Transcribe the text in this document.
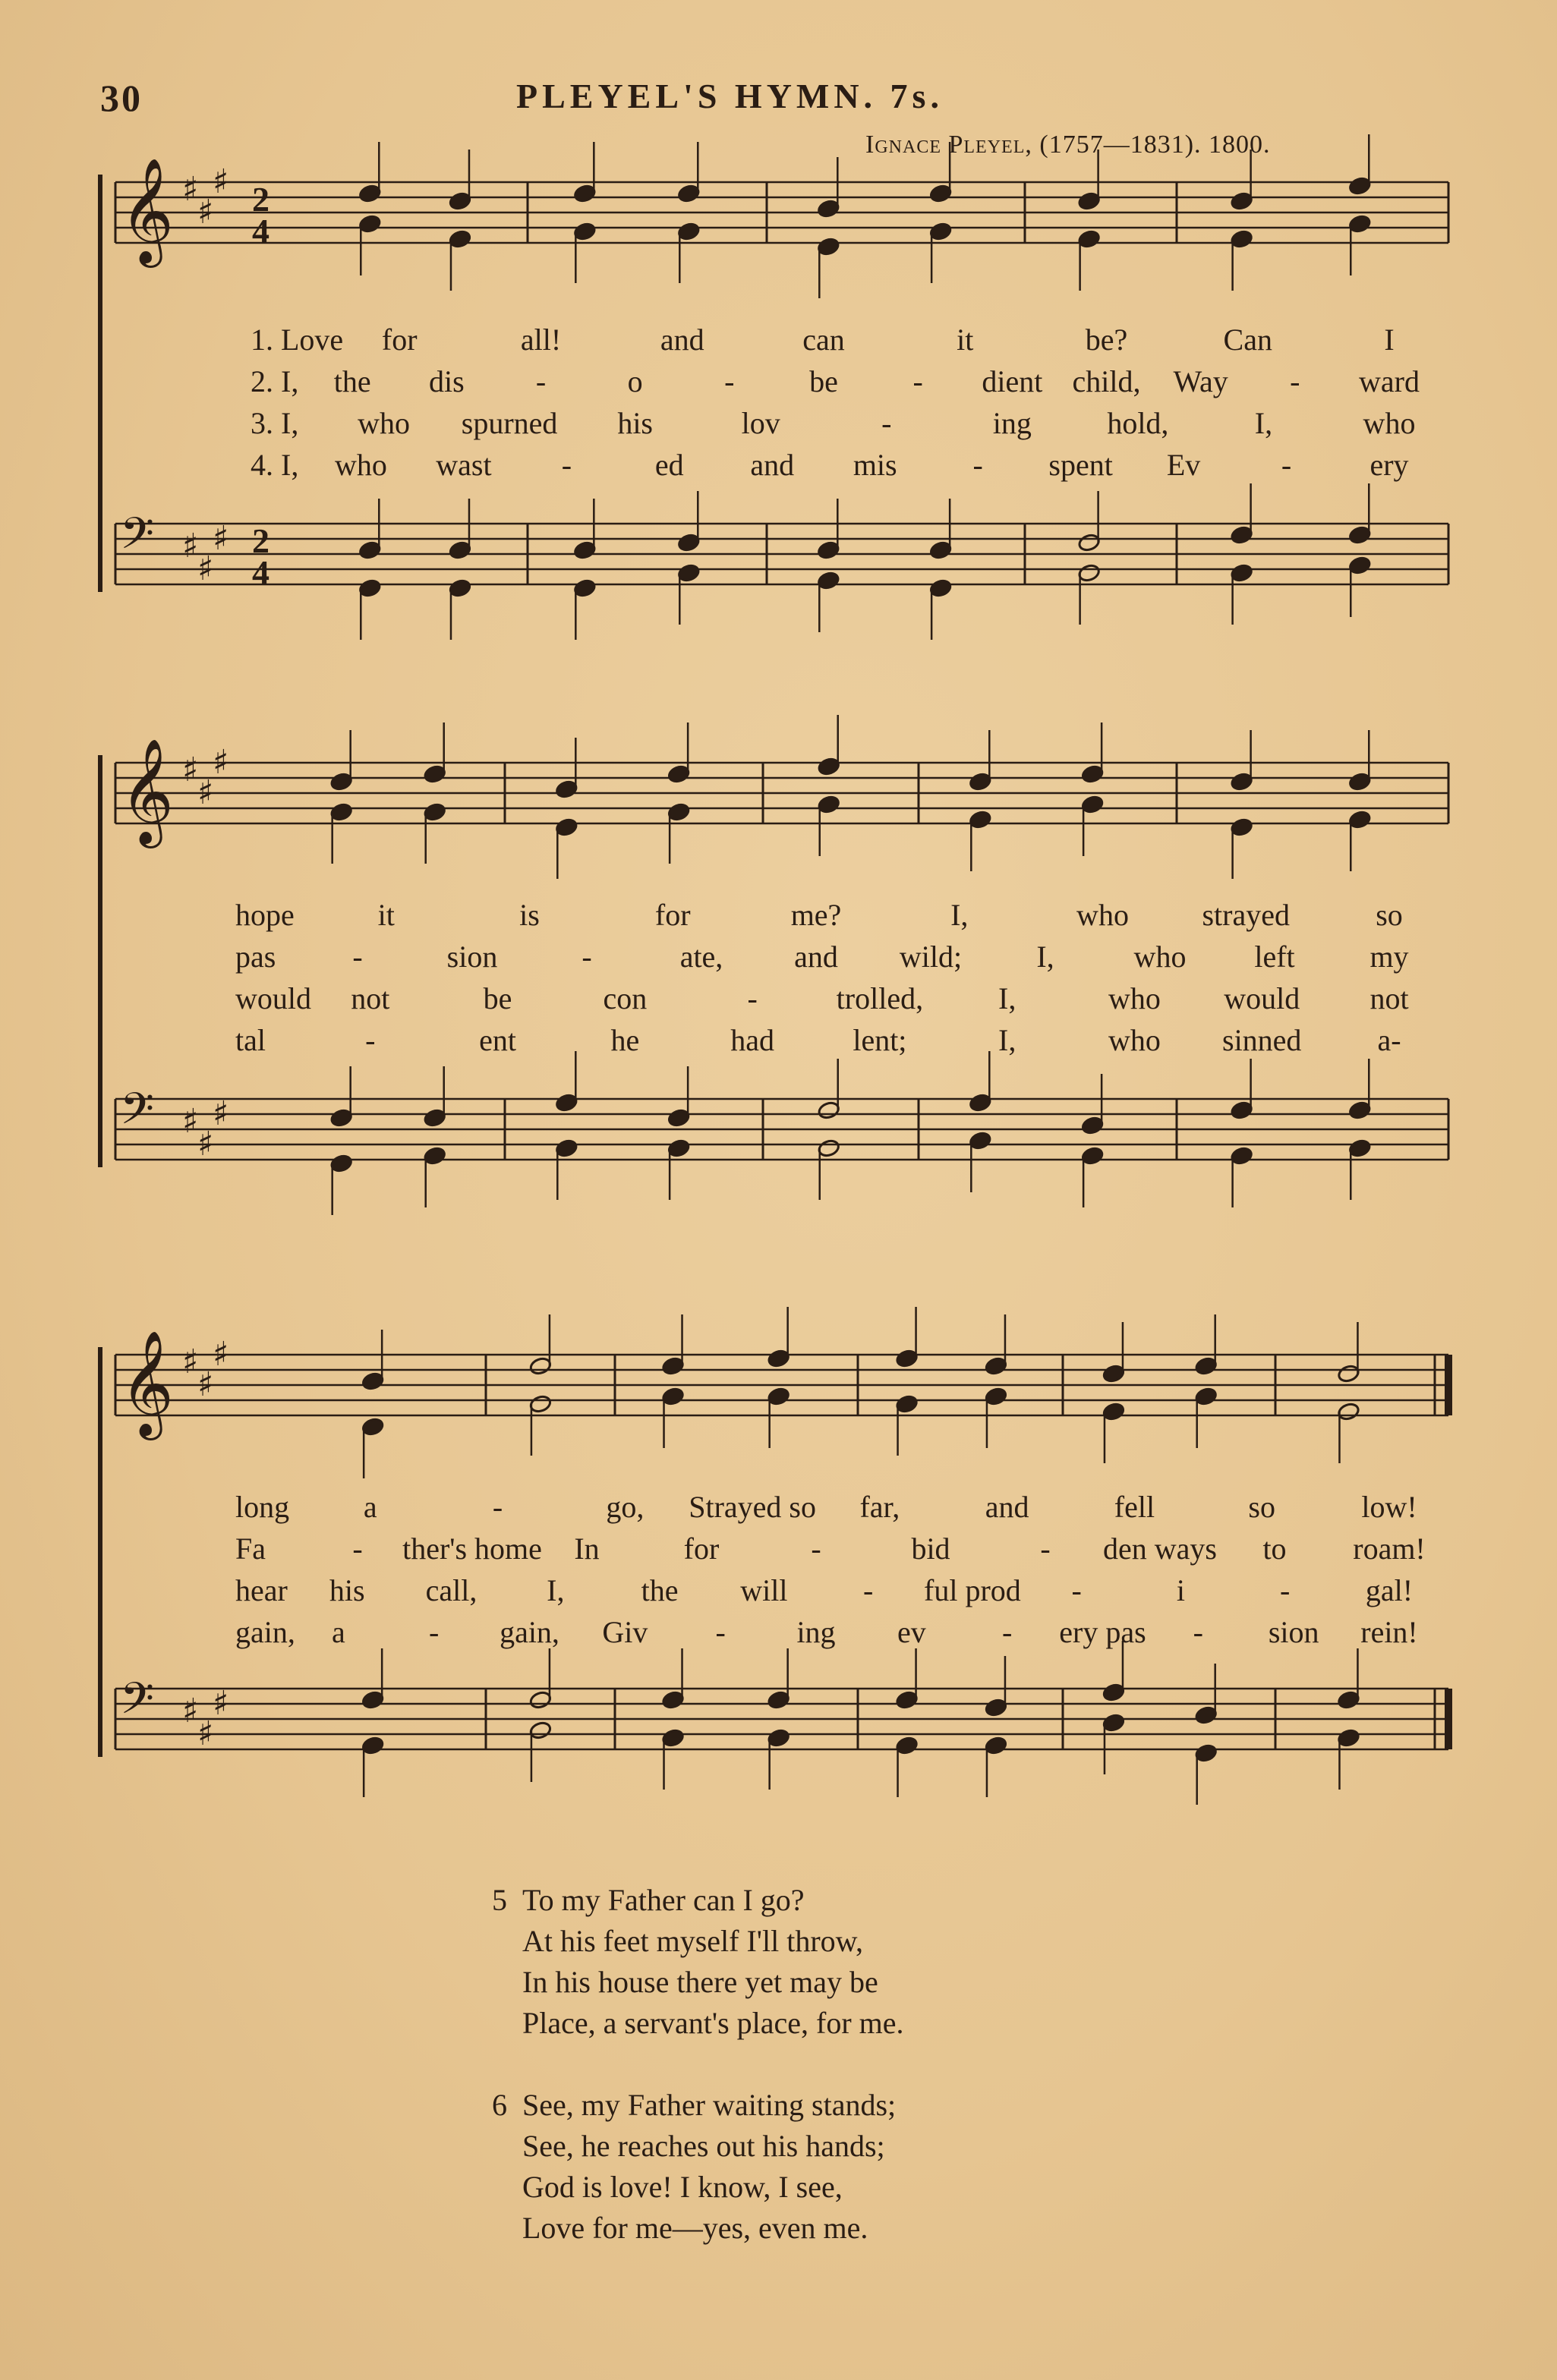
30	PLEYEL'S HYMN. 7s.
Ignace Pleyel, (1757—1831). 1800.
𝄞 ♯
♯
♯
𝄢 ♯
♯
♯
2
4
2
4
𝄞 ♯
♯
♯
𝄢 ♯
♯
♯
𝄞 ♯
♯
♯
𝄢 ♯
♯
♯
1. Love for	all!	and	can	it	be?	Can	I
2. I, the dis -	o	- be - dient child, Way - ward
3. I, who spurned his	lov	-	ing hold,	I,	who
4. I, who wast -	ed and mis - spent Ev	-	ery
hope	it	is	for	me?	I,	who strayed	so
pas	-	sion	-	ate, and wild; I,	who left my
would not	be	con	-	trolled, I,	who would not
tal	-	ent	he	had	lent;	I,	who sinned	a-
long a	-	go, Strayed so far,	and	fell	so	low!
Fa	- ther's home In	for	-	bid	- den ways to roam!
hear his call, I,	the will - ful prod -	i	- gal!
gain, a	- gain, Giv - ing ev	- ery pas - sion rein!
5 To my Father can I go?
At his feet myself I'll throw,
In his house there yet may be
Place, a servant's place, for me.
6 See, my Father waiting stands;
See, he reaches out his hands;
God is love! I know, I see,
Love for me—yes, even me.
